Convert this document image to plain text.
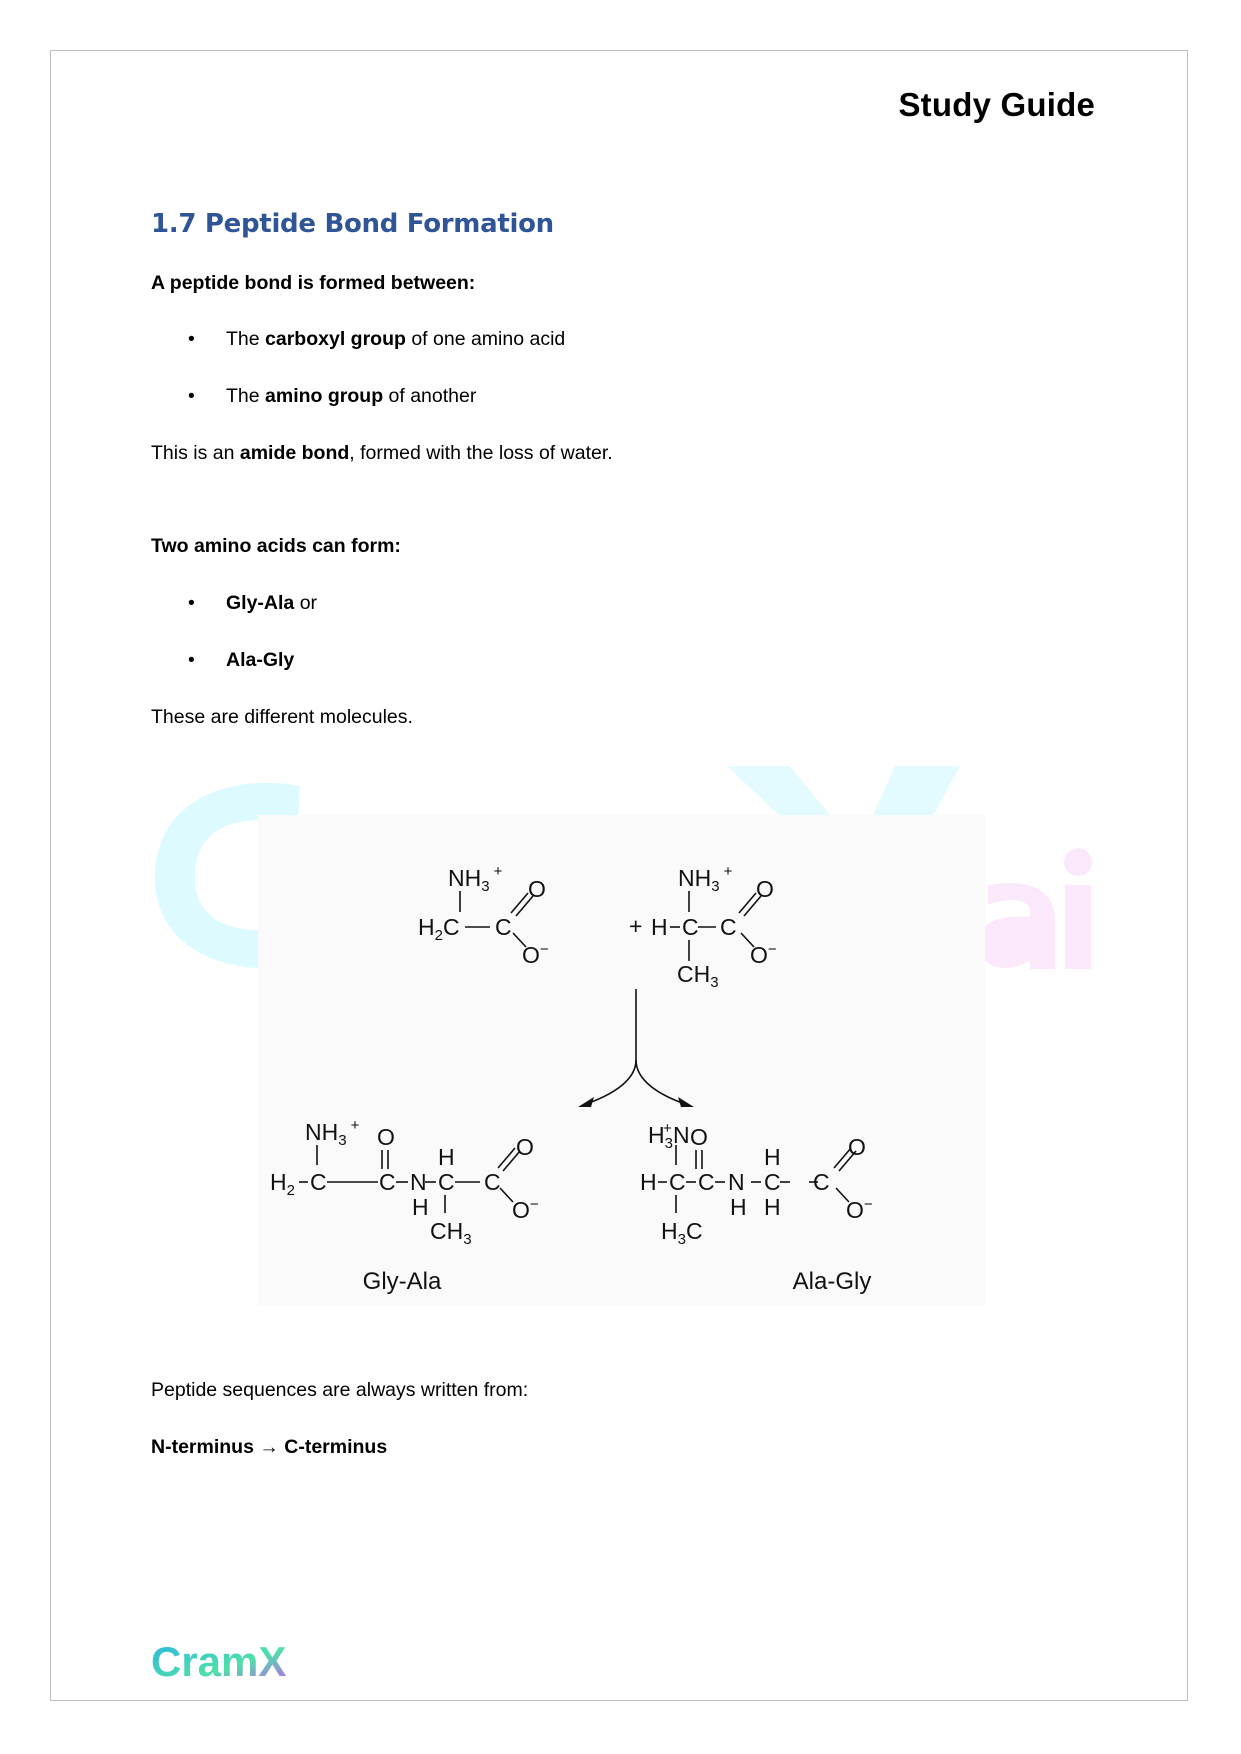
Study Guide
1.7 Peptide Bond Formation
A peptide bond is formed between:
• The carboxyl group of one amino acid
• The amino group of another
This is an amide bond, formed with the loss of water.
Two amino acids can form:
• Gly-Ala or
• Ala-Gly
These are different molecules.
$NH_3^+$
$H_2C$ C
O
O−
+
$NH_3^+$
H C C
O
O−
$CH_3$
$NH_3^+$ O
$H_2$ C C N
H
H
C C
O
O−
$CH_3$
+
$H_3N$ O
H C C N
H
H
C
H
C
O
O−
$H_3C$
Gly-Ala	Ala-Gly
Peptide sequences are always written from:
N-terminus → C-terminus
CramX
